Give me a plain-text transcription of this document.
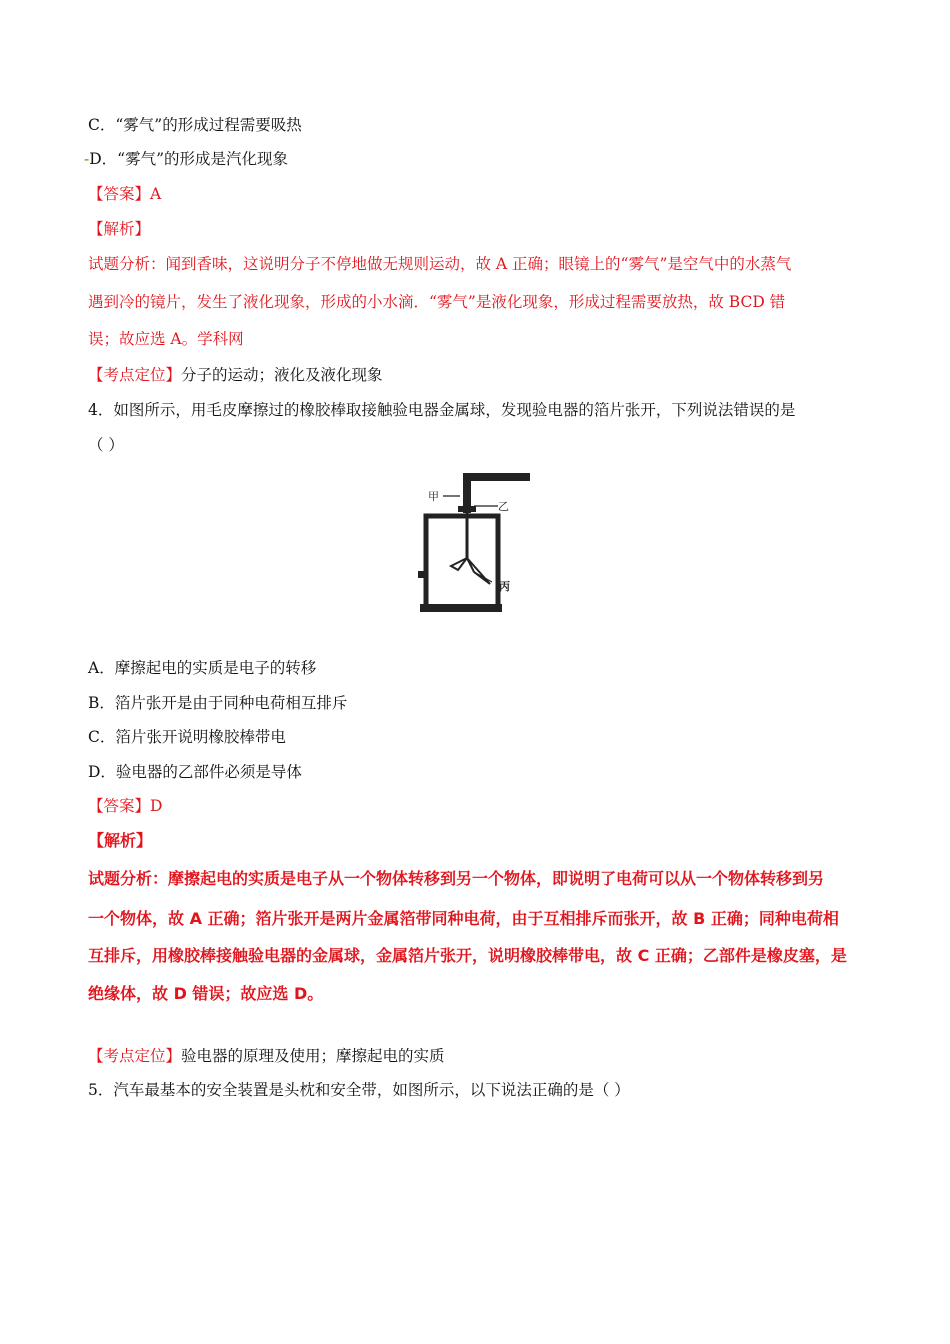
C．“雾气”的形成过程需要吸热
-D．“雾气”的形成是汽化现象
【答案】A
【解析】
试题分析：闻到香味，这说明分子不停地做无规则运动，故 A 正确；眼镜上的“雾气”是空气中的水蒸气
遇到冷的镜片，发生了液化现象，形成的小水滴．“雾气”是液化现象，形成过程需要放热，故 BCD 错
误；故应选 A。学科网
【考点定位】分子的运动；液化及液化现象
4．如图所示，用毛皮摩擦过的橡胶棒取接触验电器金属球，发现验电器的箔片张开，下列说法错误的是
（ ）
甲
乙
丙
A．摩擦起电的实质是电子的转移
B．箔片张开是由于同种电荷相互排斥
C．箔片张开说明橡胶棒带电
D．验电器的乙部件必须是导体
【答案】D
【解析】
试题分析：摩擦起电的实质是电子从一个物体转移到另一个物体，即说明了电荷可以从一个物体转移到另
一个物体，故 A 正确；箔片张开是两片金属箔带同种电荷，由于互相排斥而张开，故 B 正确；同种电荷相
互排斥，用橡胶棒接触验电器的金属球，金属箔片张开，说明橡胶棒带电，故 C 正确；乙部件是橡皮塞，是
绝缘体，故 D 错误；故应选 D。
【考点定位】验电器的原理及使用；摩擦起电的实质
5．汽车最基本的安全装置是头枕和安全带，如图所示，以下说法正确的是（ ）
